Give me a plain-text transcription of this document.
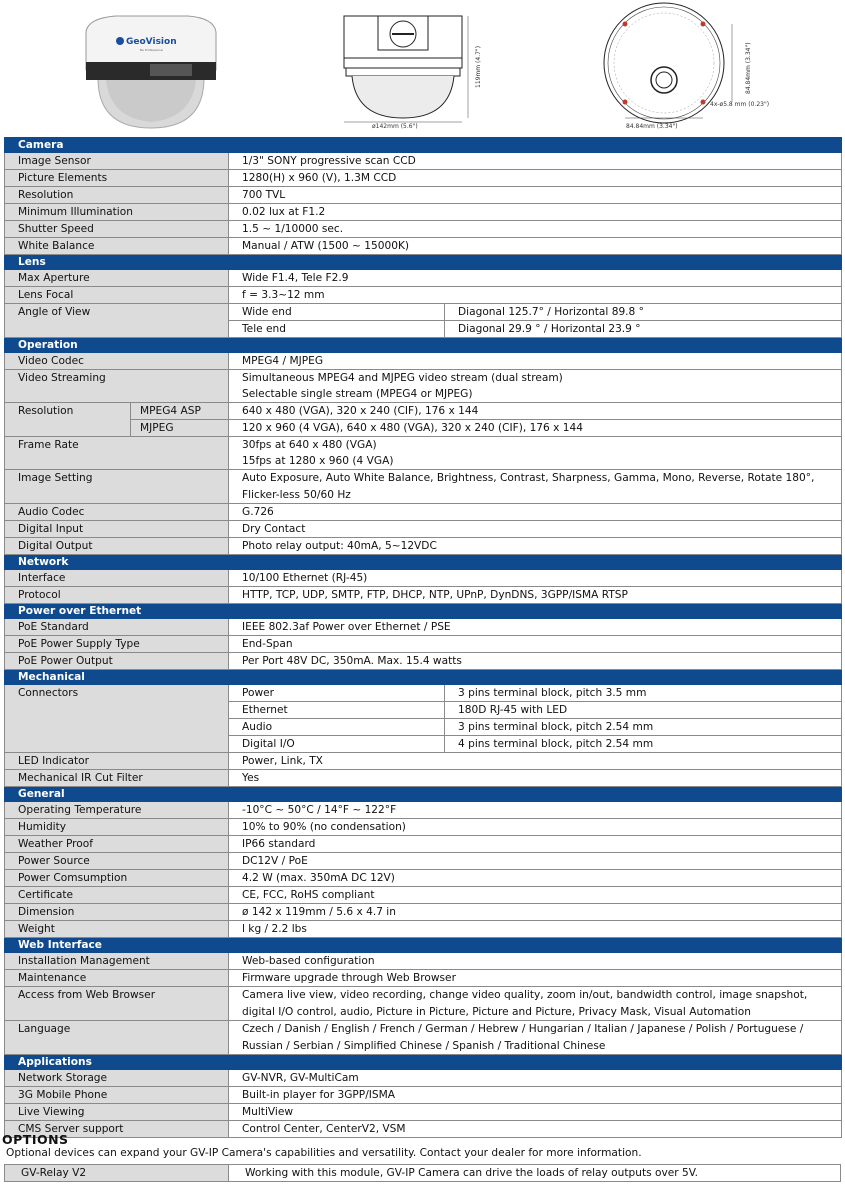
GeoVision
Be Professional	119mm (4.7")
ø142mm (5.6")
84.84mm (3.34")
4x-ø5.8 mm (0.23")
84.84mm (3.34")
Camera			
Image Sensor		1/3" SONY progressive scan CCD	
Picture Elements		1280(H) x 960 (V), 1.3M CCD	
Resolution		700 TVL	
Minimum Illumination		0.02 lux at F1.2	
Shutter Speed		1.5 ~ 1/10000 sec.	
White Balance		Manual / ATW (1500 ~ 15000K)	
Lens			
Max Aperture		Wide F1.4, Tele F2.9	
Lens Focal		f = 3.3~12 mm	
Angle of View		Wide end	Diagonal 125.7° / Horizontal 89.8 °
		Tele end	Diagonal 29.9 ° / Horizontal 23.9 °
Operation			
Video Codec		MPEG4 / MJPEG	
Video Streaming		Simultaneous MPEG4 and MJPEG video stream (dual stream)
Selectable single stream (MPEG4 or MJPEG)	

Resolution	MPEG4 ASP	640 x 480 (VGA), 320 x 240 (CIF), 176 x 144	
	MJPEG	120 x 960 (4 VGA), 640 x 480 (VGA), 320 x 240 (CIF), 176 x 144	
Frame Rate		30fps at 640 x 480 (VGA)
15fps at 1280 x 960 (4 VGA)	

Image Setting		Auto Exposure, Auto White Balance, Brightness, Contrast, Sharpness, Gamma, Mono, Reverse, Rotate 180°, Flicker-less 50/60 Hz	
Audio Codec		G.726	
Digital Input		Dry Contact	
Digital Output		Photo relay output: 40mA, 5~12VDC	
Network			
Interface		10/100 Ethernet (RJ-45)	
Protocol		HTTP, TCP, UDP, SMTP, FTP, DHCP, NTP, UPnP, DynDNS, 3GPP/ISMA RTSP	
Power over Ethernet			
PoE Standard		IEEE 802.3af Power over Ethernet / PSE	
PoE Power Supply Type		End-Span	
PoE Power Output		Per Port 48V DC, 350mA. Max. 15.4 watts	
Mechanical			
Connectors		Power	3 pins terminal block, pitch 3.5 mm
		Ethernet	180D RJ-45 with LED
		Audio	3 pins terminal block, pitch 2.54 mm
		Digital I/O	4 pins terminal block, pitch 2.54 mm
LED Indicator		Power, Link, TX	
Mechanical IR Cut Filter		Yes	
General			
Operating Temperature		-10°C ~ 50°C / 14°F ~ 122°F	
Humidity		10% to 90% (no condensation)	
Weather Proof		IP66 standard	
Power Source		DC12V / PoE	
Power Comsumption		4.2 W (max. 350mA DC 12V)	
Certificate		CE, FCC, RoHS compliant	
Dimension		ø 142 x 119mm / 5.6 x 4.7 in	
Weight		l kg / 2.2 lbs	
Web Interface			
Installation Management		Web-based configuration	
Maintenance		Firmware upgrade through Web Browser	
Access from Web Browser		Camera live view, video recording, change video quality, zoom in/out, bandwidth control, image snapshot, digital I/O control, audio, Picture in Picture, Picture and Picture, Privacy Mask, Visual Automation	
Language		Czech / Danish / English / French / German / Hebrew / Hungarian / Italian / Japanese / Polish / Portuguese / Russian / Serbian / Simplified Chinese / Spanish / Traditional Chinese	
Applications			
Network Storage		GV-NVR, GV-MultiCam	
3G Mobile Phone		Built-in player for 3GPP/ISMA	
Live Viewing		MultiView	
CMS Server support		Control Center, CenterV2, VSM	
OPTIONS
Optional devices can expand your GV-IP Camera's capabilities and versatility. Contact your dealer for more information.
GV-Relay V2	Working with this module, GV-IP Camera can drive the loads of relay outputs over 5V.
